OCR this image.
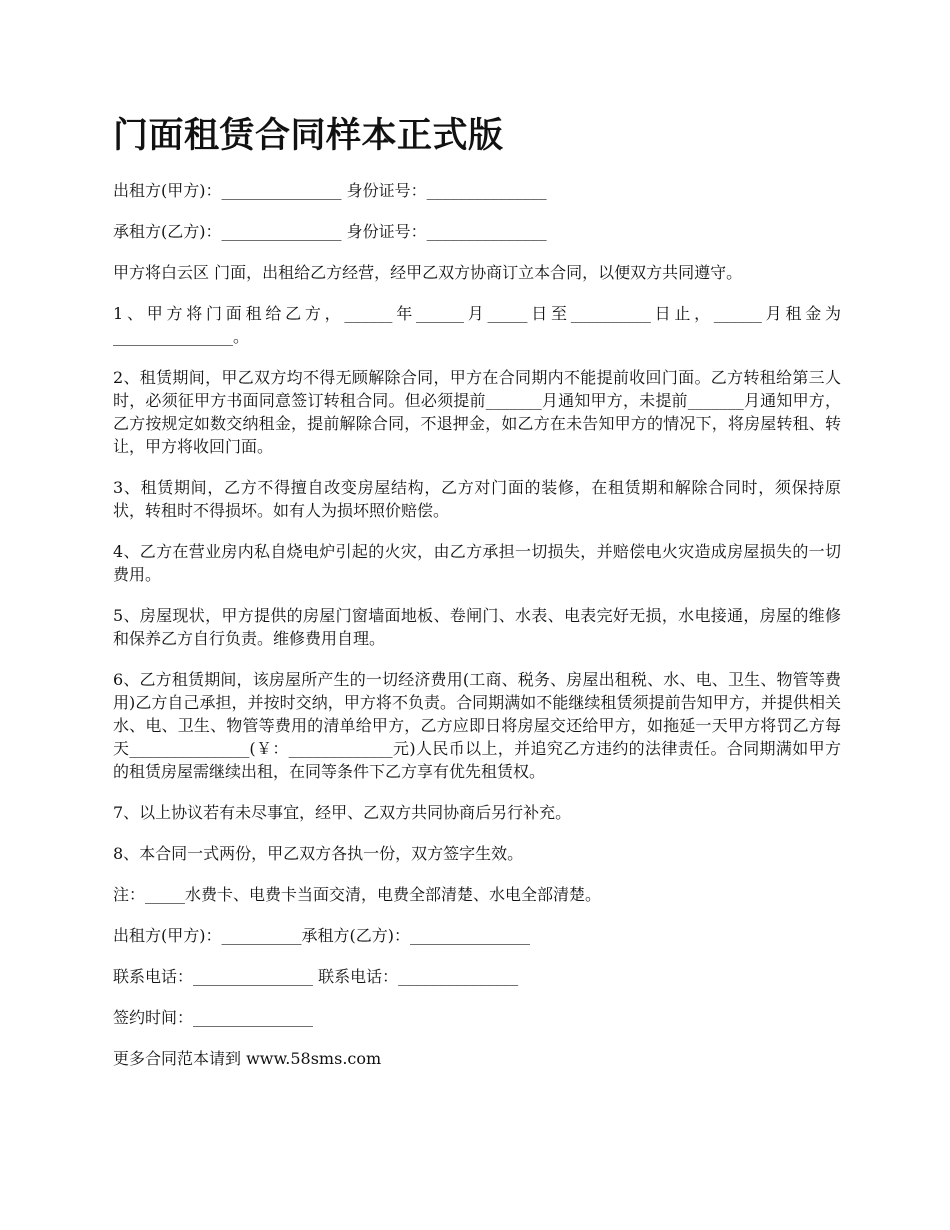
门面租赁合同样本正式版

出租方(甲方)：_______________ 身份证号：_______________

承租方(乙方)：_______________ 身份证号：_______________

甲方将白云区 门面，出租给乙方经营，经甲乙双方协商订立本合同，以便双方共同遵守。

1、甲方将门面租给乙方，______年______月_____日至__________日止，______月租金为_______________。

2、租赁期间，甲乙双方均不得无顾解除合同，甲方在合同期内不能提前收回门面。乙方转租给第三人时，必须征甲方书面同意签订转租合同。但必须提前_______月通知甲方，未提前_______月通知甲方，乙方按规定如数交纳租金，提前解除合同，不退押金，如乙方在未告知甲方的情况下，将房屋转租、转让，甲方将收回门面。

3、租赁期间，乙方不得擅自改变房屋结构，乙方对门面的装修，在租赁期和解除合同时，须保持原状，转租时不得损坏。如有人为损坏照价赔偿。

4、乙方在营业房内私自烧电炉引起的火灾，由乙方承担一切损失，并赔偿电火灾造成房屋损失的一切费用。

5、房屋现状，甲方提供的房屋门窗墙面地板、卷闸门、水表、电表完好无损，水电接通，房屋的维修和保养乙方自行负责。维修费用自理。

6、乙方租赁期间，该房屋所产生的一切经济费用(工商、税务、房屋出租税、水、电、卫生、物管等费用)乙方自己承担，并按时交纳，甲方将不负责。合同期满如不能继续租赁须提前告知甲方，并提供相关水、电、卫生、物管等费用的清单给甲方，乙方应即日将房屋交还给甲方，如拖延一天甲方将罚乙方每天_______________(￥：_____________元)人民币以上，并追究乙方违约的法律责任。合同期满如甲方的租赁房屋需继续出租，在同等条件下乙方享有优先租赁权。

7、以上协议若有未尽事宜，经甲、乙双方共同协商后另行补充。

8、本合同一式两份，甲乙双方各执一份，双方签字生效。

注：_____水费卡、电费卡当面交清，电费全部清楚、水电全部清楚。

出租方(甲方)：__________承租方(乙方)：_______________

联系电话：_______________ 联系电话：_______________

签约时间：_______________

更多合同范本请到 www.58sms.com
